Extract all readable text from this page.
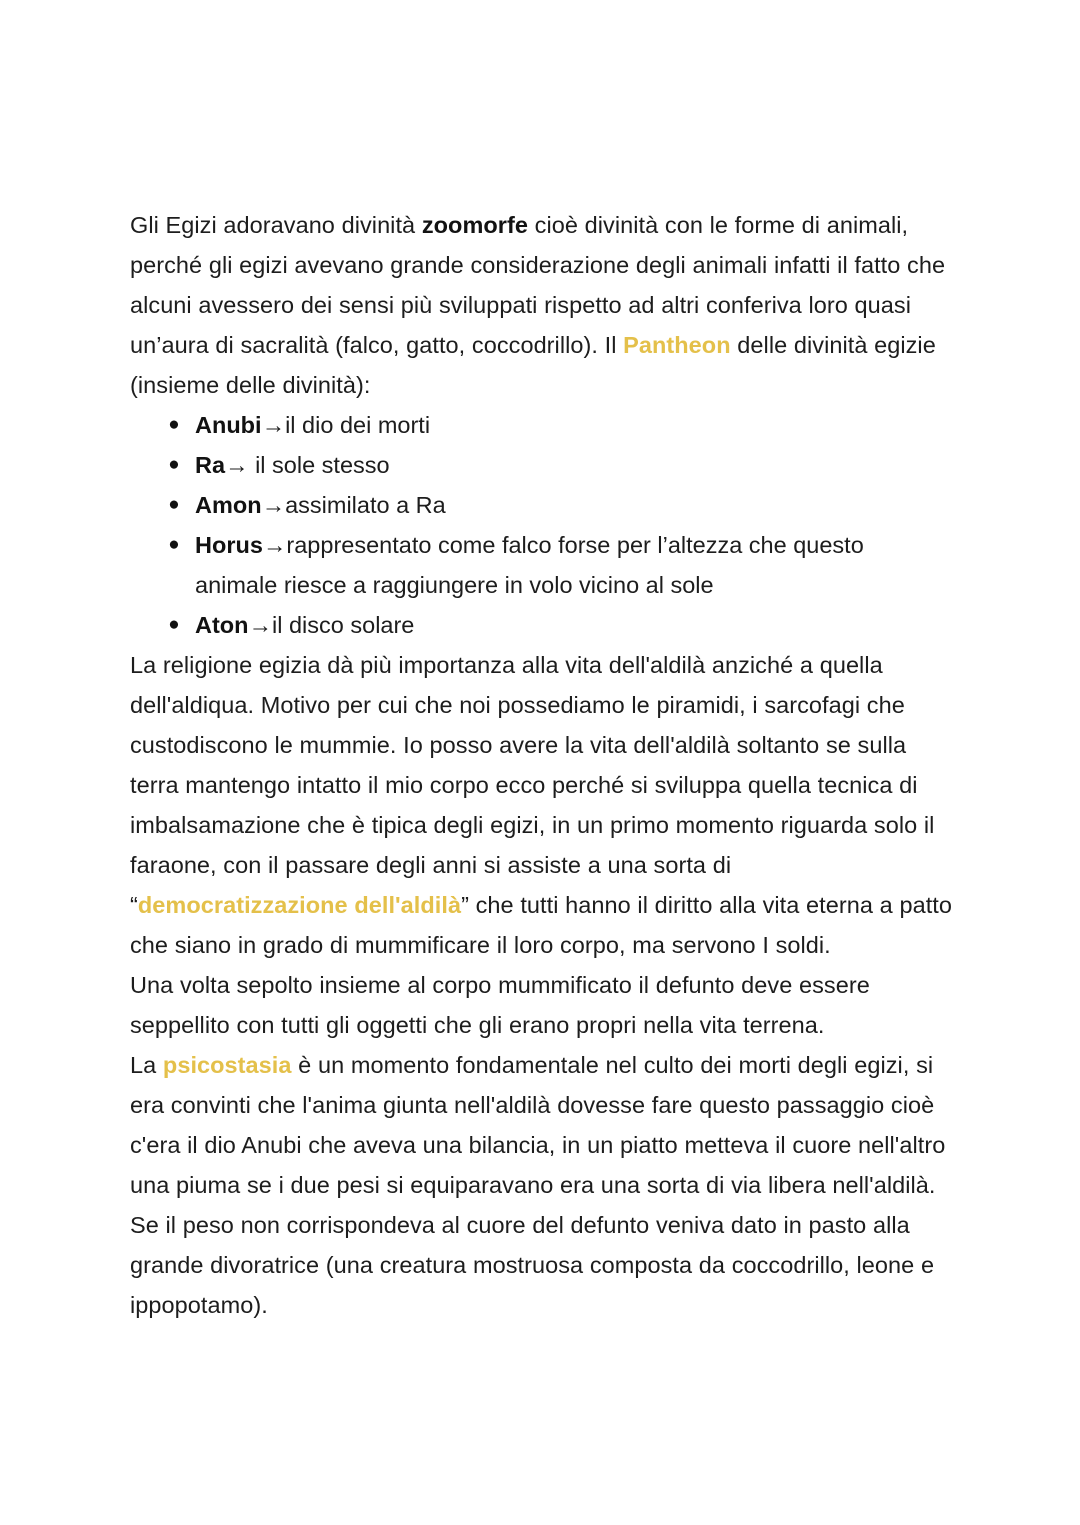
Gli Egizi adoravano divinità zoomorfe cioè divinità con le forme di animali, perché gli egizi avevano grande considerazione degli animali infatti il fatto che alcuni avessero dei sensi più sviluppati rispetto ad altri conferiva loro quasi un’aura di sacralità (falco, gatto, coccodrillo). Il Pantheon delle divinità egizie (insieme delle divinità):

● Anubi→il dio dei morti
● Ra→ il sole stesso
● Amon→assimilato a Ra
● Horus→rappresentato come falco forse per l’altezza che questo animale riesce a raggiungere in volo vicino al sole
● Aton→il disco solare

La religione egizia dà più importanza alla vita dell'aldilà anziché a quella dell'aldiqua. Motivo per cui che noi possediamo le piramidi, i sarcofagi che custodiscono le mummie. Io posso avere la vita dell'aldilà soltanto se sulla terra mantengo intatto il mio corpo ecco perché si sviluppa quella tecnica di imbalsamazione che è tipica degli egizi, in un primo momento riguarda solo il faraone, con il passare degli anni si assiste a una sorta di “democratizzazione dell'aldilà” che tutti hanno il diritto alla vita eterna a patto che siano in grado di mummificare il loro corpo, ma servono I soldi.

Una volta sepolto insieme al corpo mummificato il defunto deve essere seppellito con tutti gli oggetti che gli erano propri nella vita terrena.

La psicostasia è un momento fondamentale nel culto dei morti degli egizi, si era convinti che l'anima giunta nell'aldilà dovesse fare questo passaggio cioè c'era il dio Anubi che aveva una bilancia, in un piatto metteva il cuore nell'altro una piuma se i due pesi si equiparavano era una sorta di via libera nell'aldilà. Se il peso non corrispondeva al cuore del defunto veniva dato in pasto alla grande divoratrice (una creatura mostruosa composta da coccodrillo, leone e ippopotamo).
